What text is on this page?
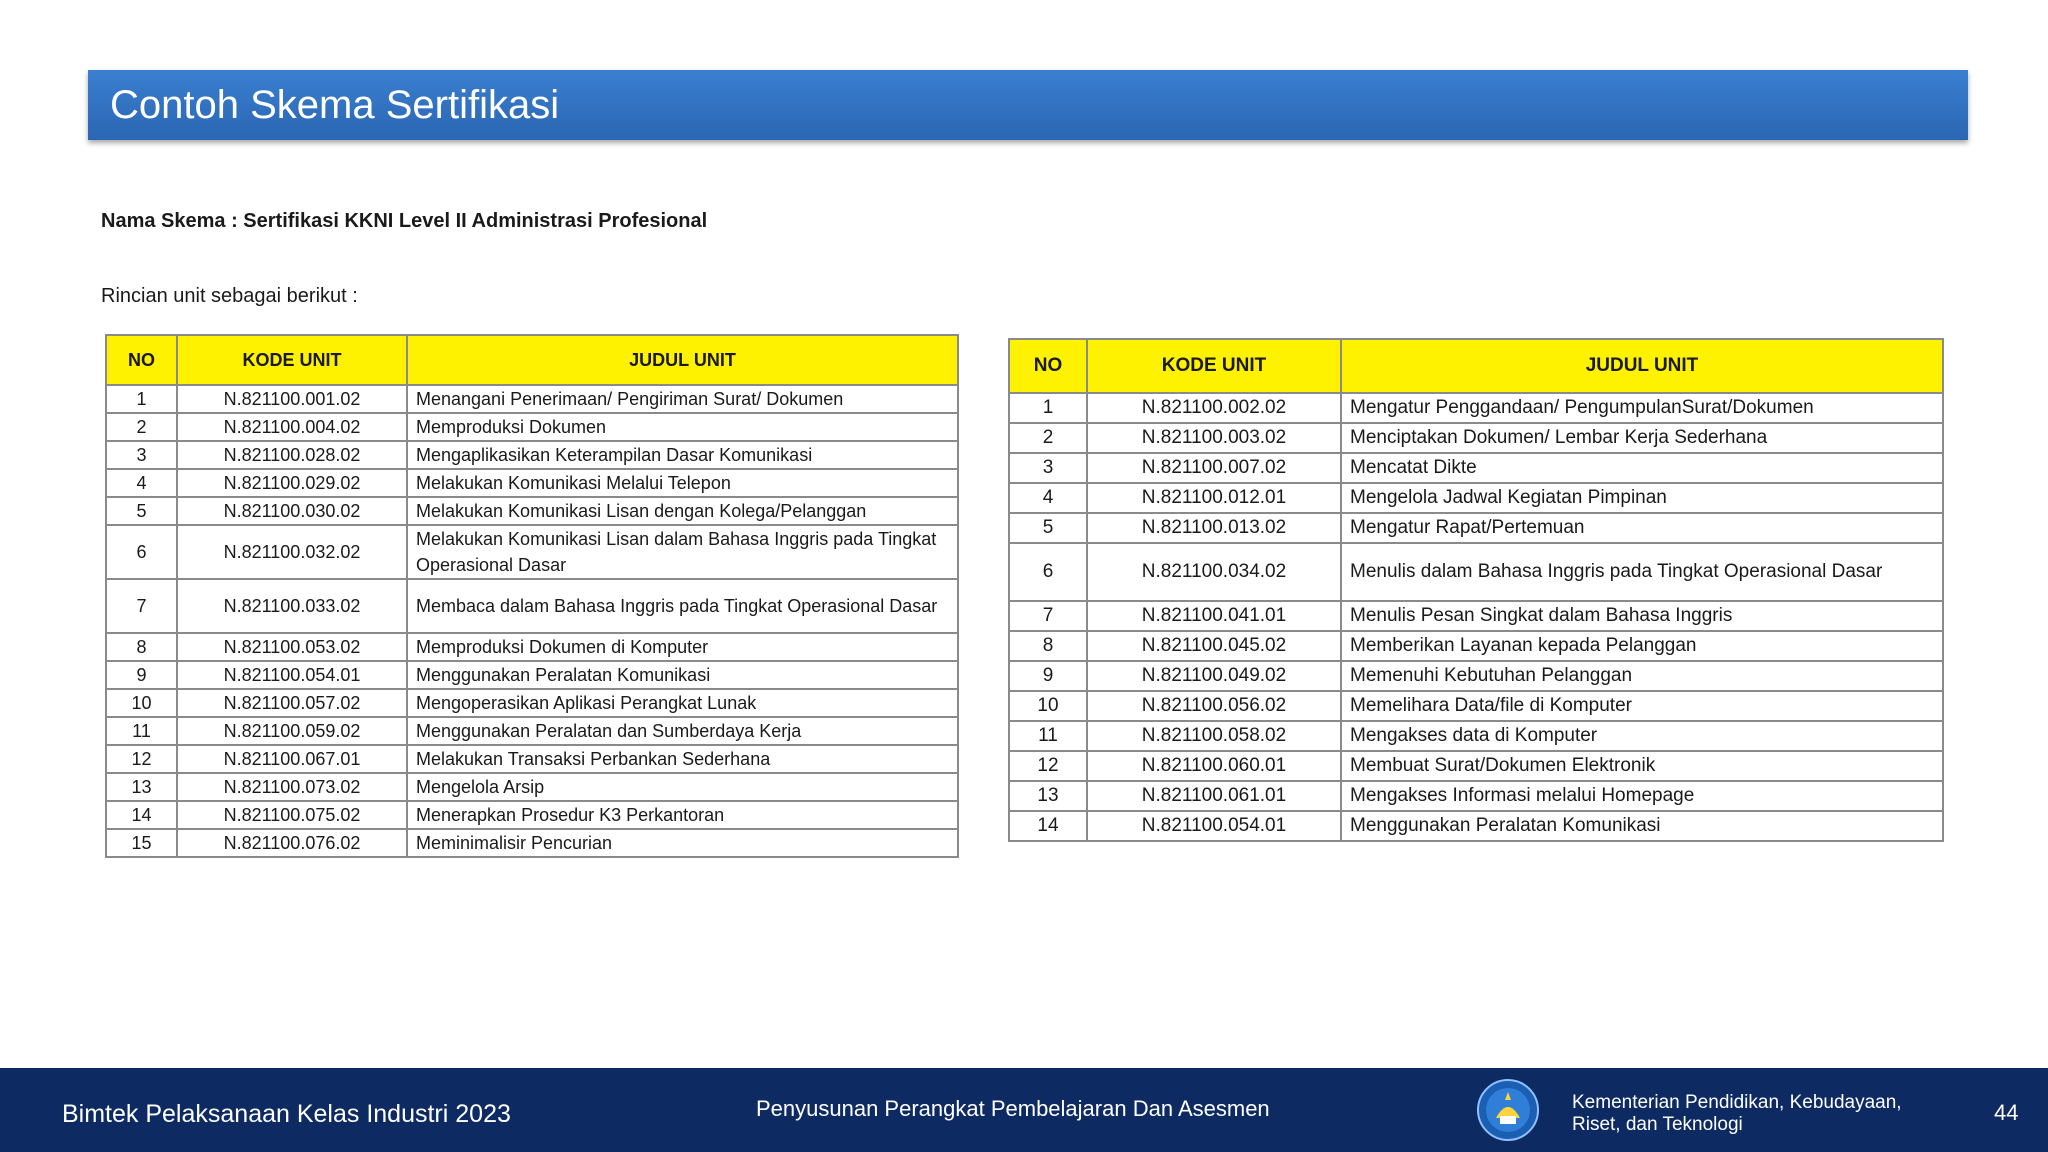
Contoh Skema Sertifikasi
Nama Skema : Sertifikasi KKNI Level II Administrasi Profesional
Rincian unit sebagai berikut :
NO	KODE UNIT	JUDUL UNIT
1	N.821100.001.02	Menangani Penerimaan/ Pengiriman Surat/ Dokumen
2	N.821100.004.02	Memproduksi Dokumen
3	N.821100.028.02	Mengaplikasikan Keterampilan Dasar Komunikasi
4	N.821100.029.02	Melakukan Komunikasi Melalui Telepon
5	N.821100.030.02	Melakukan Komunikasi Lisan dengan Kolega/Pelanggan
6	N.821100.032.02	Melakukan Komunikasi Lisan dalam Bahasa Inggris pada Tingkat Operasional Dasar
7	N.821100.033.02	Membaca dalam Bahasa Inggris pada Tingkat Operasional Dasar
8	N.821100.053.02	Memproduksi Dokumen di Komputer
9	N.821100.054.01	Menggunakan Peralatan Komunikasi
10	N.821100.057.02	Mengoperasikan Aplikasi Perangkat Lunak
11	N.821100.059.02	Menggunakan Peralatan dan Sumberdaya Kerja
12	N.821100.067.01	Melakukan Transaksi Perbankan Sederhana
13	N.821100.073.02	Mengelola Arsip
14	N.821100.075.02	Menerapkan Prosedur K3 Perkantoran
15	N.821100.076.02	Meminimalisir Pencurian
NO	KODE UNIT	JUDUL UNIT
1	N.821100.002.02	Mengatur Penggandaan/ PengumpulanSurat/Dokumen
2	N.821100.003.02	Menciptakan Dokumen/ Lembar Kerja Sederhana
3	N.821100.007.02	Mencatat Dikte
4	N.821100.012.01	Mengelola Jadwal Kegiatan Pimpinan
5	N.821100.013.02	Mengatur Rapat/Pertemuan
6	N.821100.034.02	Menulis dalam Bahasa Inggris pada Tingkat Operasional Dasar
7	N.821100.041.01	Menulis Pesan Singkat dalam Bahasa Inggris
8	N.821100.045.02	Memberikan Layanan kepada Pelanggan
9	N.821100.049.02	Memenuhi Kebutuhan Pelanggan
10	N.821100.056.02	Memelihara Data/file di Komputer
11	N.821100.058.02	Mengakses data di Komputer
12	N.821100.060.01	Membuat Surat/Dokumen Elektronik
13	N.821100.061.01	Mengakses Informasi melalui Homepage
14	N.821100.054.01	Menggunakan Peralatan Komunikasi
Bimtek Pelaksanaan Kelas Industri 2023	Penyusunan Perangkat Pembelajaran Dan Asesmen	Kementerian Pendidikan, Kebudayaan,
Riset, dan Teknologi	44
